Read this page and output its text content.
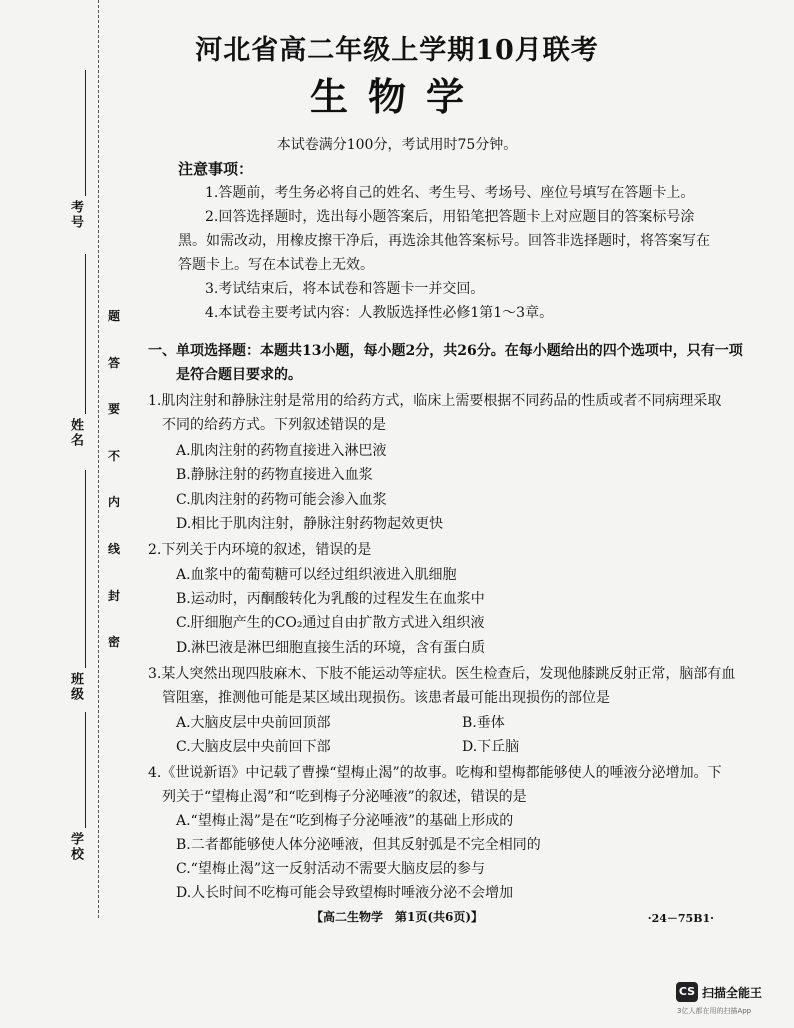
考号
姓名
班级
学校
题
答
要
不
内
线
封
密
河北省高二年级上学期10月联考
生物学
本试卷满分100分，考试用时75分钟。
注意事项：
1.答题前，考生务必将自己的姓名、考生号、考场号、座位号填写在答题卡上。
2.回答选择题时，选出每小题答案后，用铅笔把答题卡上对应题目的答案标号涂
黑。如需改动，用橡皮擦干净后，再选涂其他答案标号。回答非选择题时，将答案写在
答题卡上。写在本试卷上无效。
3.考试结束后，将本试卷和答题卡一并交回。
4.本试卷主要考试内容：人教版选择性必修1第1～3章。
一、单项选择题：本题共13小题，每小题2分，共26分。在每小题给出的四个选项中，只有一项
是符合题目要求的。
1.肌肉注射和静脉注射是常用的给药方式，临床上需要根据不同药品的性质或者不同病理采取
不同的给药方式。下列叙述错误的是
A.肌肉注射的药物直接进入淋巴液
B.静脉注射的药物直接进入血浆
C.肌肉注射的药物可能会渗入血浆
D.相比于肌肉注射，静脉注射药物起效更快
2.下列关于内环境的叙述，错误的是
A.血浆中的葡萄糖可以经过组织液进入肌细胞
B.运动时，丙酮酸转化为乳酸的过程发生在血浆中
C.肝细胞产生的CO₂通过自由扩散方式进入组织液
D.淋巴液是淋巴细胞直接生活的环境，含有蛋白质
3.某人突然出现四肢麻木、下肢不能运动等症状。医生检查后，发现他膝跳反射正常，脑部有血
管阻塞，推测他可能是某区域出现损伤。该患者最可能出现损伤的部位是
A.大脑皮层中央前回顶部	B.垂体
C.大脑皮层中央前回下部	D.下丘脑
4.《世说新语》中记载了曹操“望梅止渴”的故事。吃梅和望梅都能够使人的唾液分泌增加。下
列关于“望梅止渴”和“吃到梅子分泌唾液”的叙述，错误的是
A.“望梅止渴”是在“吃到梅子分泌唾液”的基础上形成的
B.二者都能够使人体分泌唾液，但其反射弧是不完全相同的
C.“望梅止渴”这一反射活动不需要大脑皮层的参与
D.人长时间不吃梅可能会导致望梅时唾液分泌不会增加
【高二生物学　第1页(共6页)】	·24－75B1·
CS 扫描全能王
3亿人都在用的扫描App
